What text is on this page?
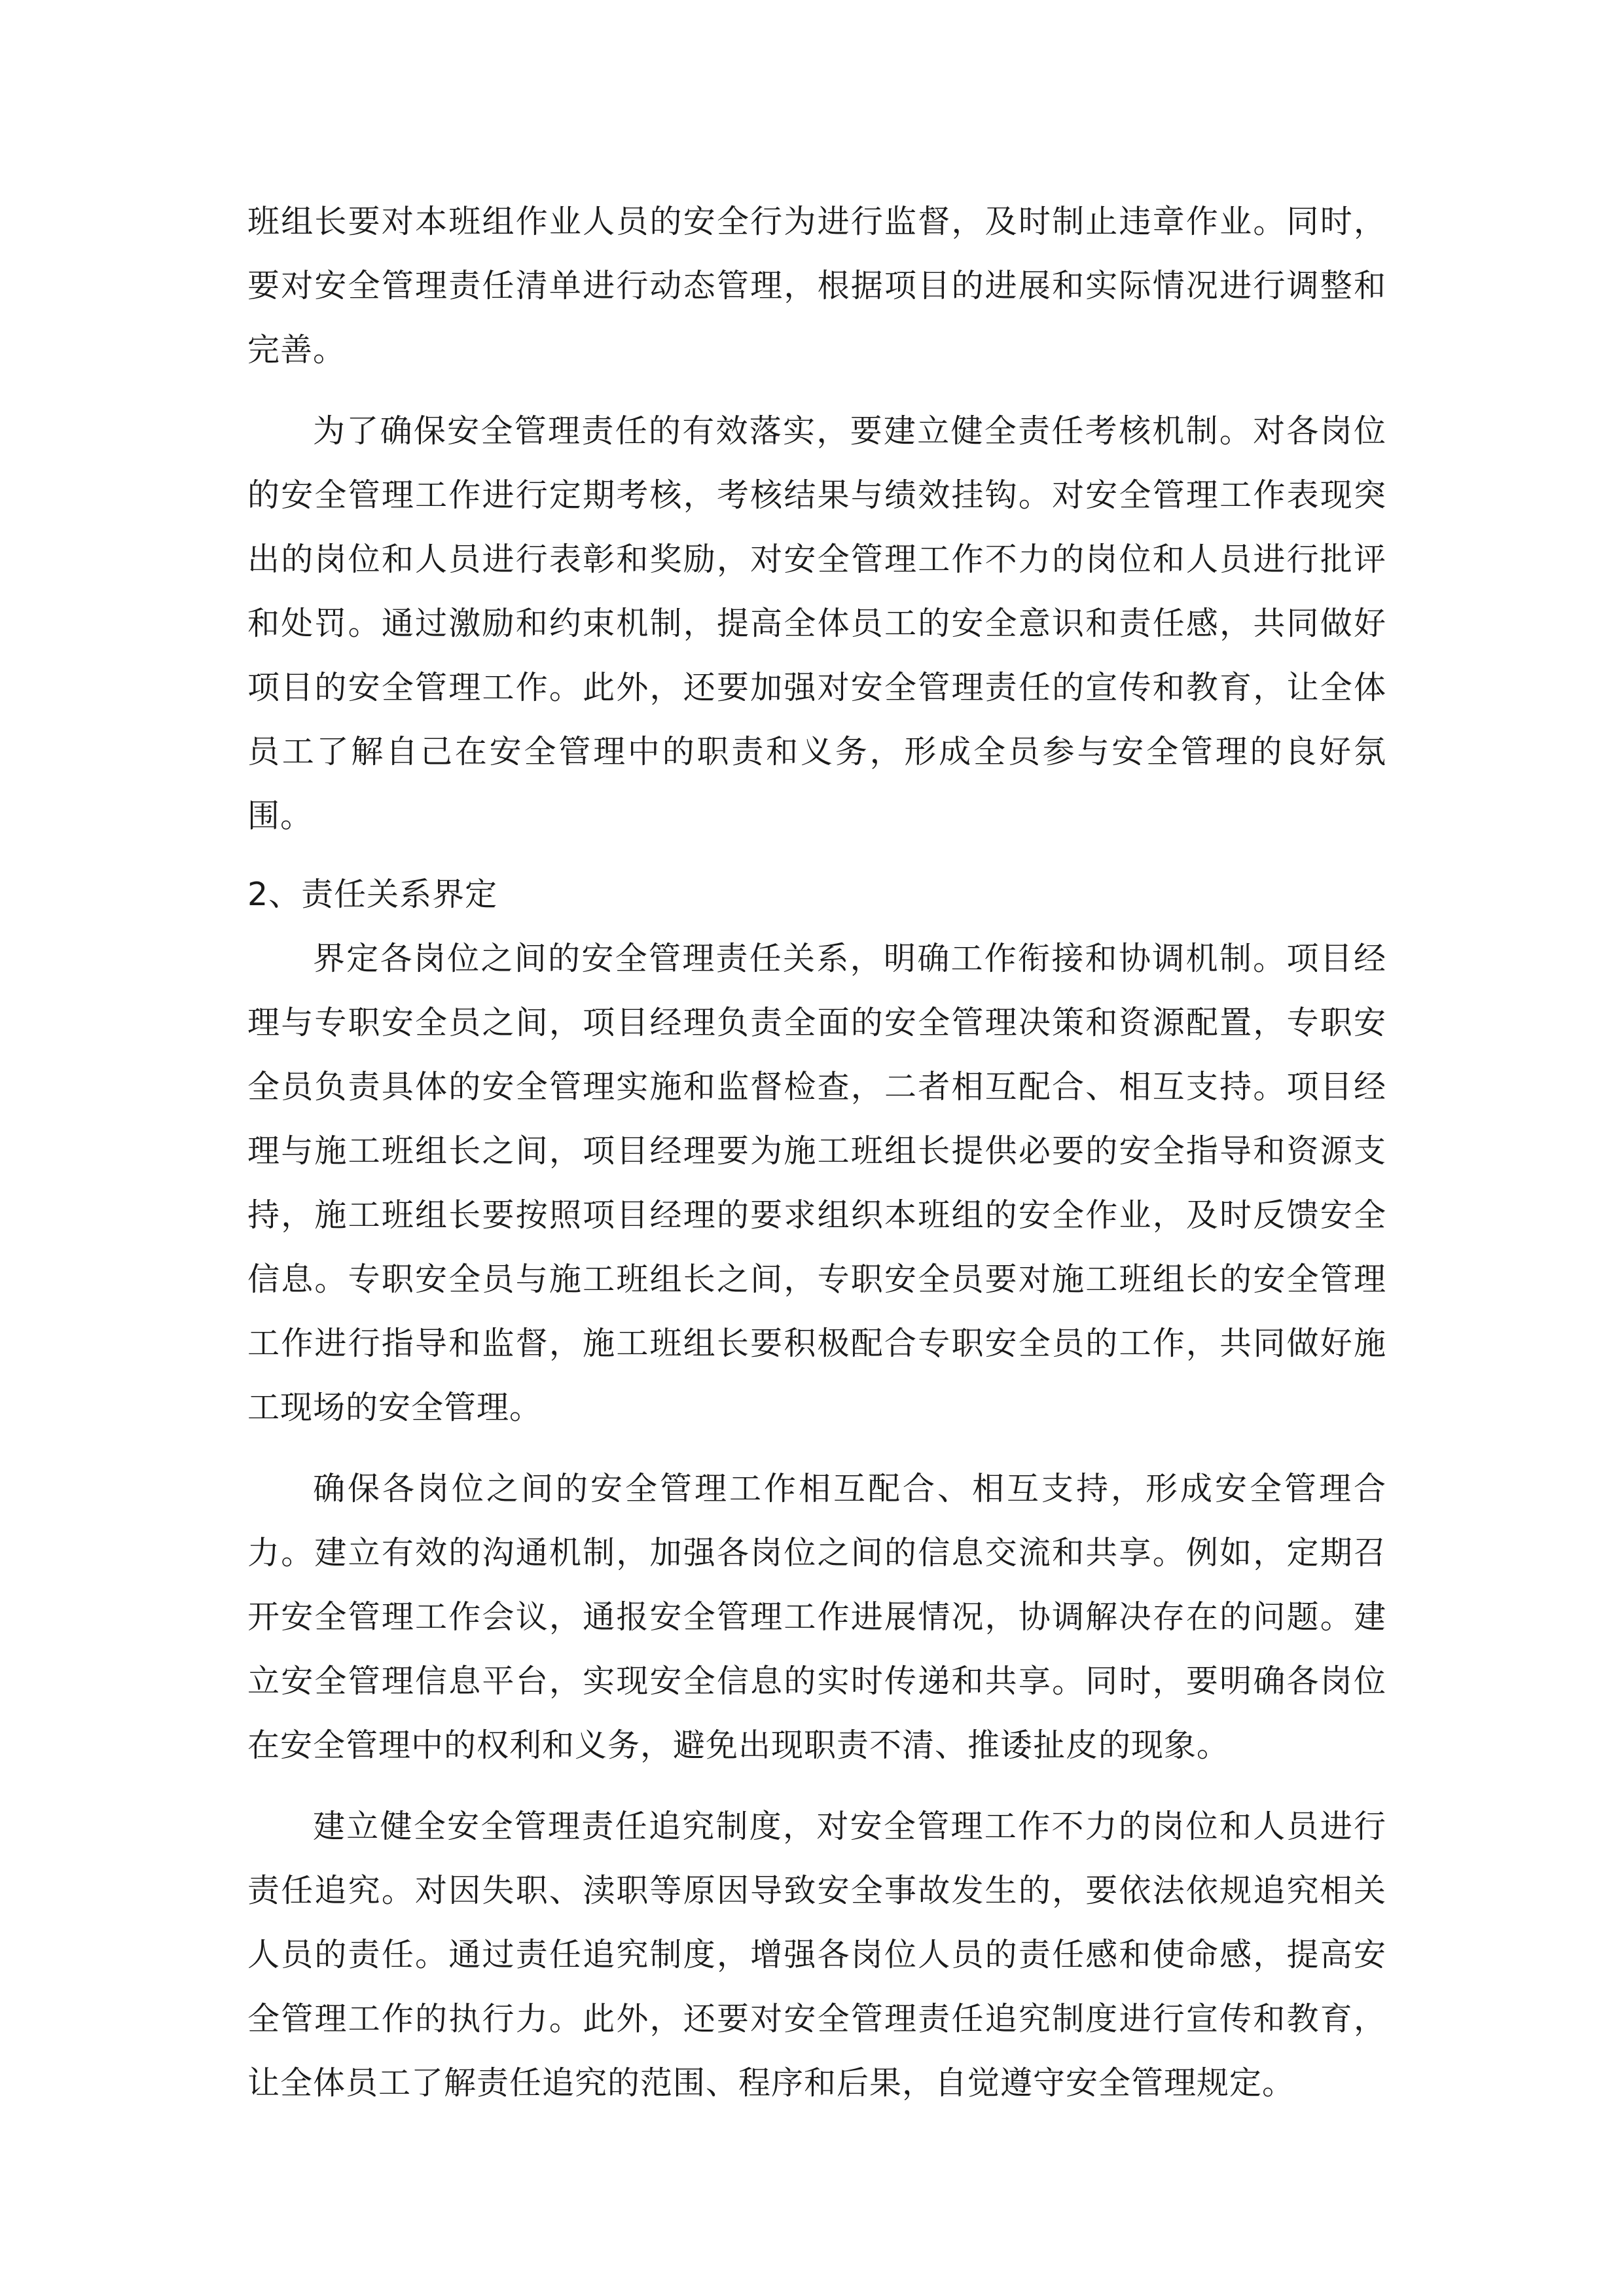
班组长要对本班组作业人员的安全行为进行监督，及时制止违章作业。同时，要对安全管理责任清单进行动态管理，根据项目的进展和实际情况进行调整和完善。

为了确保安全管理责任的有效落实，要建立健全责任考核机制。对各岗位的安全管理工作进行定期考核，考核结果与绩效挂钩。对安全管理工作表现突出的岗位和人员进行表彰和奖励，对安全管理工作不力的岗位和人员进行批评和处罚。通过激励和约束机制，提高全体员工的安全意识和责任感，共同做好项目的安全管理工作。此外，还要加强对安全管理责任的宣传和教育，让全体员工了解自己在安全管理中的职责和义务，形成全员参与安全管理的良好氛围。

2、责任关系界定

界定各岗位之间的安全管理责任关系，明确工作衔接和协调机制。项目经理与专职安全员之间，项目经理负责全面的安全管理决策和资源配置，专职安全员负责具体的安全管理实施和监督检查，二者相互配合、相互支持。项目经理与施工班组长之间，项目经理要为施工班组长提供必要的安全指导和资源支持，施工班组长要按照项目经理的要求组织本班组的安全作业，及时反馈安全信息。专职安全员与施工班组长之间，专职安全员要对施工班组长的安全管理工作进行指导和监督，施工班组长要积极配合专职安全员的工作，共同做好施工现场的安全管理。

确保各岗位之间的安全管理工作相互配合、相互支持，形成安全管理合力。建立有效的沟通机制，加强各岗位之间的信息交流和共享。例如，定期召开安全管理工作会议，通报安全管理工作进展情况，协调解决存在的问题。建立安全管理信息平台，实现安全信息的实时传递和共享。同时，要明确各岗位在安全管理中的权利和义务，避免出现职责不清、推诿扯皮的现象。

建立健全安全管理责任追究制度，对安全管理工作不力的岗位和人员进行责任追究。对因失职、渎职等原因导致安全事故发生的，要依法依规追究相关人员的责任。通过责任追究制度，增强各岗位人员的责任感和使命感，提高安全管理工作的执行力。此外，还要对安全管理责任追究制度进行宣传和教育，让全体员工了解责任追究的范围、程序和后果，自觉遵守安全管理规定。
